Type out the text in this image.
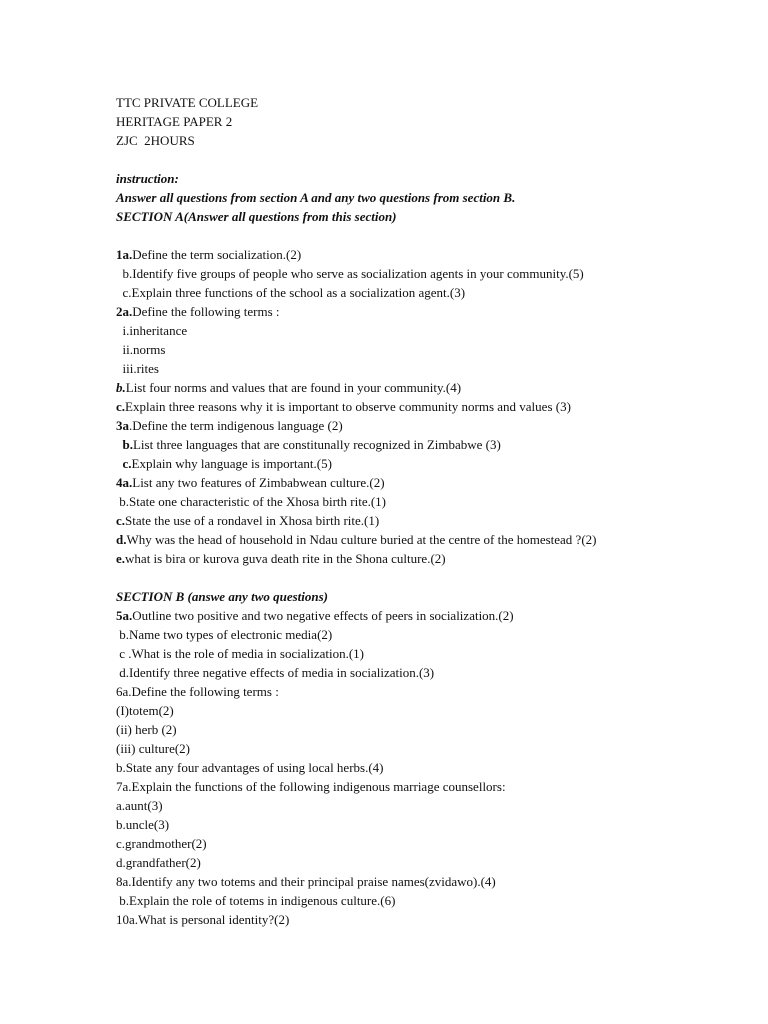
TTC PRIVATE COLLEGE
HERITAGE PAPER 2
ZJC  2HOURS
instruction:
Answer all questions from section A and any two questions from section B.
SECTION A(Answer all questions from this section)
1a.Define the term socialization.(2)
b.Identify five groups of people who serve as socialization agents in your community.(5)
c.Explain three functions of the school as a socialization agent.(3)
2a.Define the following terms :
i.inheritance
ii.norms
iii.rites
b.List four norms and values that are found in your community.(4)
c.Explain three reasons why it is important to observe community norms and values (3)
3a.Define the term indigenous language (2)
b.List three languages that are constitunally recognized in Zimbabwe (3)
c.Explain why language is important.(5)
4a.List any two features of Zimbabwean culture.(2)
b.State one characteristic of the Xhosa birth rite.(1)
c.State the use of a rondavel in Xhosa birth rite.(1)
d.Why was the head of household in Ndau culture buried at the centre of the homestead ?(2)
e.what is bira or kurova guva death rite in the Shona culture.(2)
SECTION B (answe any two questions)
5a.Outline two positive and two negative effects of peers in socialization.(2)
b.Name two types of electronic media(2)
c .What is the role of media in socialization.(1)
d.Identify three negative effects of media in socialization.(3)
6a.Define the following terms :
(I)totem(2)
(ii) herb (2)
(iii) culture(2)
b.State any four advantages of using local herbs.(4)
7a.Explain the functions of the following indigenous marriage counsellors:
a.aunt(3)
b.uncle(3)
c.grandmother(2)
d.grandfather(2)
8a.Identify any two totems and their principal praise names(zvidawo).(4)
b.Explain the role of totems in indigenous culture.(6)
10a.What is personal identity?(2)
